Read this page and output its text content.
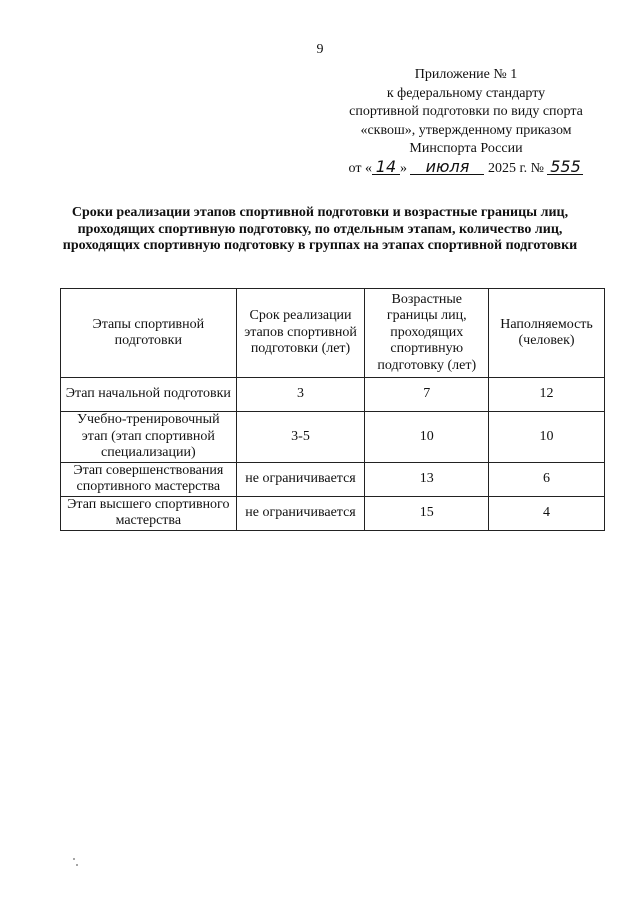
9
Приложение № 1
к федеральному стандарту
спортивной подготовки по виду спорта
«сквош», утвержденному приказом
Минспорта России
от « 14 » июля 2025 г. № 555
Сроки реализации этапов спортивной подготовки и возрастные границы лиц, проходящих спортивную подготовку, по отдельным этапам, количество лиц, проходящих спортивную подготовку в группах на этапах спортивной подготовки
Этапы спортивной подготовки	Срок реализации этапов спортивной подготовки (лет)	Возрастные границы лиц, проходящих спортивную подготовку (лет)	Наполняемость (человек)
Этап начальной подготовки	3	7	12
Учебно-тренировочный этап (этап спортивной специализации)	3-5	10	10
Этап совершенствования спортивного мастерства	не ограничивается	13	6
Этап высшего спортивного мастерства	не ограничивается	15	4
